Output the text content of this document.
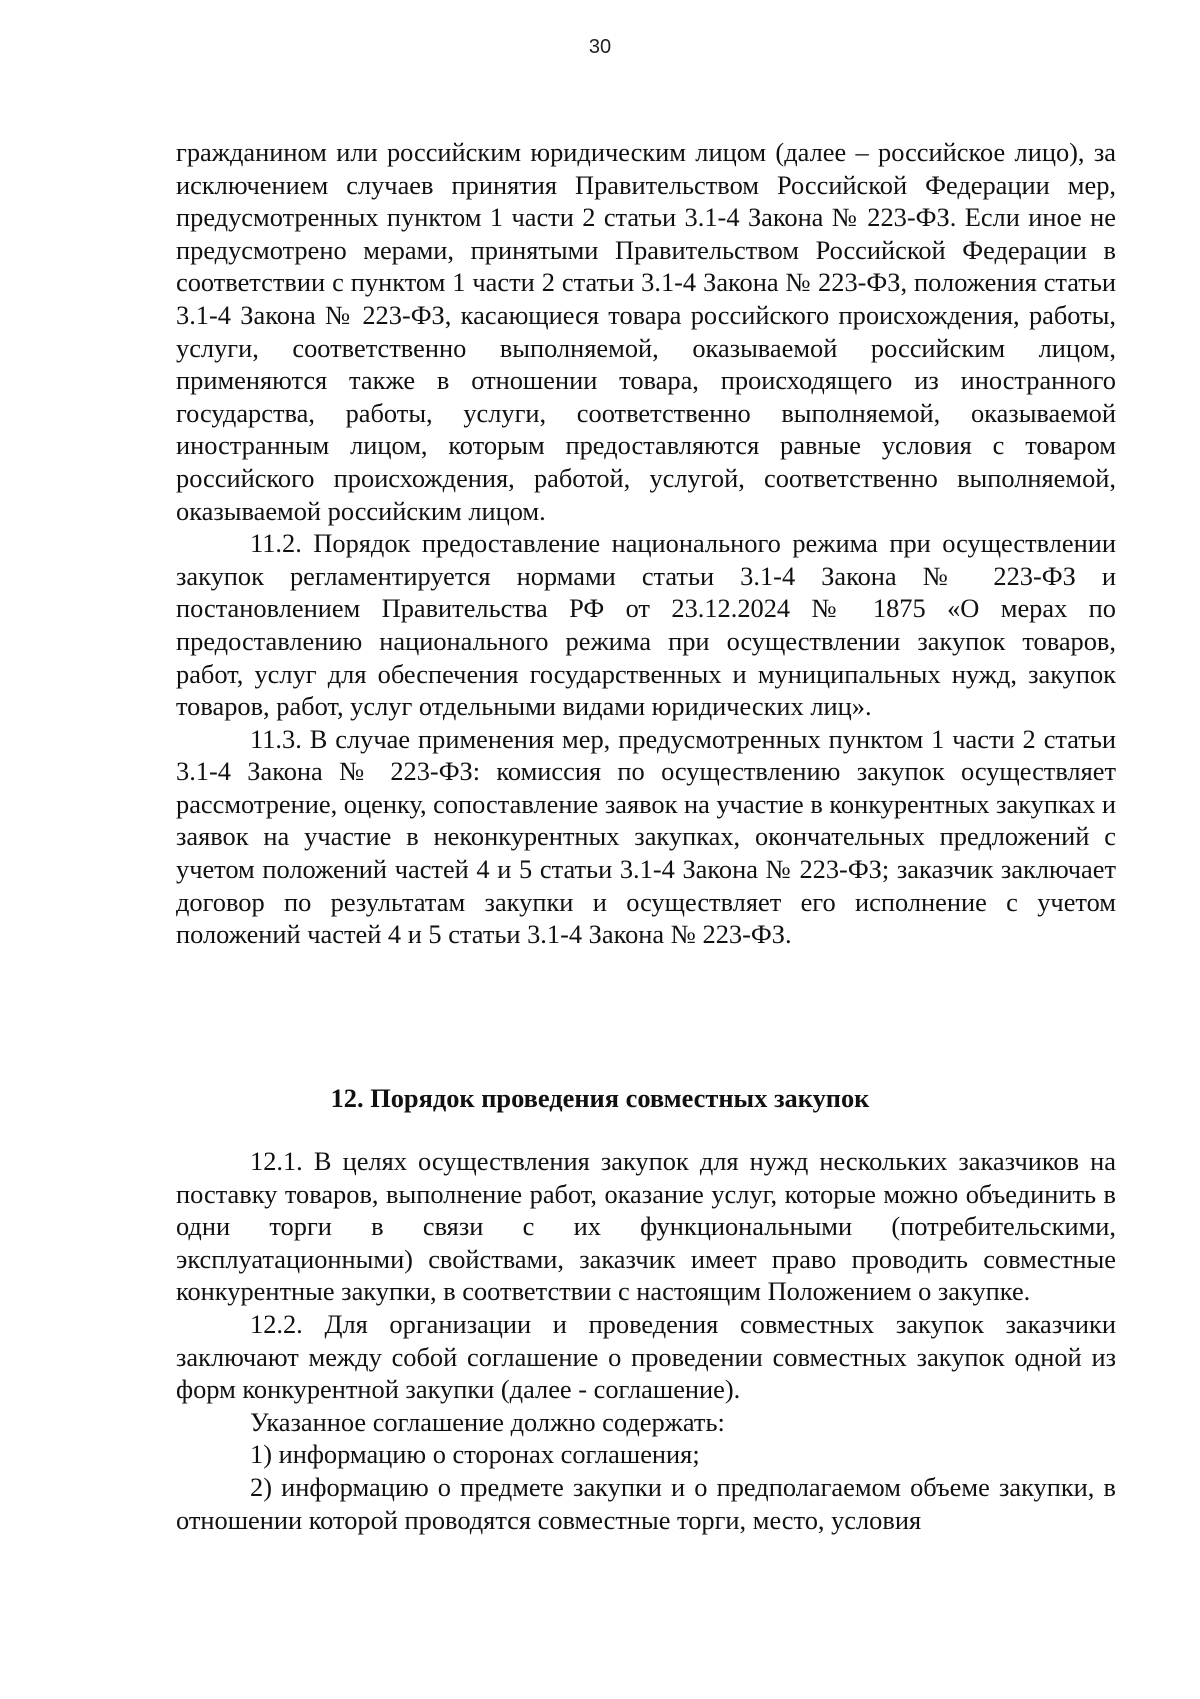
30

гражданином или российским юридическим лицом (далее – российское лицо), за исключением случаев принятия Правительством Российской Федерации мер, предусмотренных пунктом 1 части 2 статьи 3.1-4 Закона № 223-ФЗ. Если иное не предусмотрено мерами, принятыми Правительством Российской Федерации в соответствии с пунктом 1 части 2 статьи 3.1-4 Закона № 223-ФЗ, положения статьи 3.1-4 Закона № 223-ФЗ, касающиеся товара российского происхождения, работы, услуги, соответственно выполняемой, оказываемой российским лицом, применяются также в отношении товара, происходящего из иностранного государства, работы, услуги, соответственно выполняемой, оказываемой иностранным лицом, которым предоставляются равные условия с товаром российского происхождения, работой, услугой, соответственно выполняемой, оказываемой российским лицом.

11.2. Порядок предоставление национального режима при осуществлении закупок регламентируется нормами статьи 3.1-4 Закона № 223-ФЗ и постановлением Правительства РФ от 23.12.2024 № 1875 «О мерах по предоставлению национального режима при осуществлении закупок товаров, работ, услуг для обеспечения государственных и муниципальных нужд, закупок товаров, работ, услуг отдельными видами юридических лиц».

11.3. В случае применения мер, предусмотренных пунктом 1 части 2 статьи 3.1-4 Закона № 223-ФЗ: комиссия по осуществлению закупок осуществляет рассмотрение, оценку, сопоставление заявок на участие в конкурентных закупках и заявок на участие в неконкурентных закупках, окончательных предложений с учетом положений частей 4 и 5 статьи 3.1-4 Закона № 223-ФЗ; заказчик заключает договор по результатам закупки и осуществляет его исполнение с учетом положений частей 4 и 5 статьи 3.1-4 Закона № 223-ФЗ.

12. Порядок проведения совместных закупок

12.1. В целях осуществления закупок для нужд нескольких заказчиков на поставку товаров, выполнение работ, оказание услуг, которые можно объединить в одни торги в связи с их функциональными (потребительскими, эксплуатационными) свойствами, заказчик имеет право проводить совместные конкурентные закупки, в соответствии с настоящим Положением о закупке.

12.2. Для организации и проведения совместных закупок заказчики заключают между собой соглашение о проведении совместных закупок одной из форм конкурентной закупки (далее - соглашение).

Указанное соглашение должно содержать:

1) информацию о сторонах соглашения;

2) информацию о предмете закупки и о предполагаемом объеме закупки, в отношении которой проводятся совместные торги, место, условия
